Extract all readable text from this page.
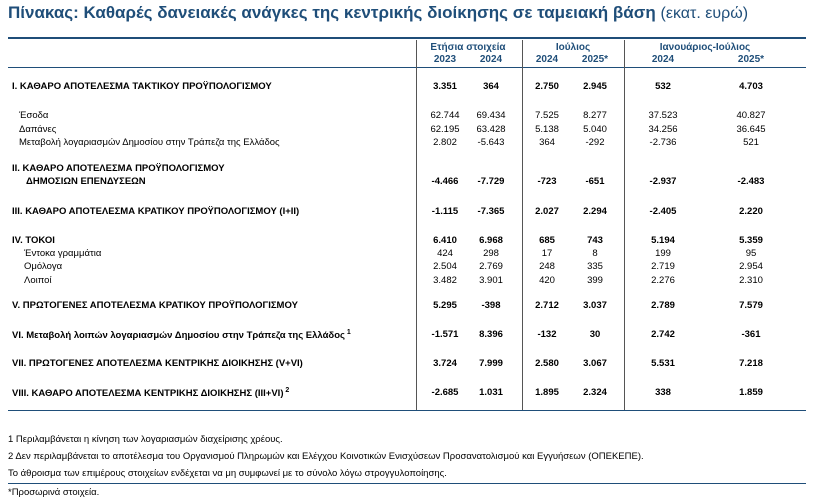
Πίνακας: Καθαρές δανειακές ανάγκες της κεντρικής διοίκησης σε ταμειακή βάση (εκατ. ευρώ)
Ετήσια στοιχεία	Ιούλιος	Ιανουάριος-Ιούλιος
2023	2024	2024	2025*	2024	2025*
I. ΚΑΘΑΡΟ ΑΠΟΤΕΛΕΣΜΑ ΤΑΚΤΙΚΟΥ ΠΡΟΫΠΟΛΟΓΙΣΜΟΥ	3.351	364	2.750	2.945	532	4.703
Έσοδα	62.744	69.434	7.525	8.277	37.523	40.827
Δαπάνες	62.195	63.428	5.138	5.040	34.256	36.645
Μεταβολή λογαριασμών Δημοσίου στην Τράπεζα της Ελλάδος	2.802	-5.643	364	-292	-2.736	521
II. ΚΑΘΑΡΟ ΑΠΟΤΕΛΕΣΜΑ ΠΡΟΫΠΟΛΟΓΙΣΜΟΥ
ΔΗΜΟΣΙΩΝ ΕΠΕΝΔΥΣΕΩΝ	-4.466	-7.729	-723	-651	-2.937	-2.483
III. ΚΑΘΑΡΟ ΑΠΟΤΕΛΕΣΜΑ ΚΡΑΤΙΚΟΥ ΠΡΟΫΠΟΛΟΓΙΣΜΟΥ (I+II)	-1.115	-7.365	2.027	2.294	-2.405	2.220
IV. ΤΟΚΟΙ	6.410	6.968	685	743	5.194	5.359
Έντοκα γραμμάτια	424	298	17	8	199	95
Ομόλογα	2.504	2.769	248	335	2.719	2.954
Λοιποί	3.482	3.901	420	399	2.276	2.310
V. ΠΡΩΤΟΓΕΝΕΣ ΑΠΟΤΕΛΕΣΜΑ ΚΡΑΤΙΚΟΥ ΠΡΟΫΠΟΛΟΓΙΣΜΟΥ	5.295	-398	2.712	3.037	2.789	7.579
VI. Μεταβολή λοιπών λογαριασμών Δημοσίου στην Τράπεζα της Ελλάδος $^1$	-1.571	8.396	-132	30	2.742	-361
VII. ΠΡΩΤΟΓΕΝΕΣ ΑΠΟΤΕΛΕΣΜΑ ΚΕΝΤΡΙΚΗΣ ΔΙΟΙΚΗΣΗΣ (V+VI)	3.724	7.999	2.580	3.067	5.531	7.218
VIII. ΚΑΘΑΡΟ ΑΠΟΤΕΛΕΣΜΑ ΚΕΝΤΡΙΚΗΣ ΔΙΟΙΚΗΣΗΣ (III+VI) $^2$	-2.685	1.031	1.895	2.324	338	1.859
1 Περιλαμβάνεται η κίνηση των λογαριασμών διαχείρισης χρέους.
2 Δεν περιλαμβάνεται το αποτέλεσμα του Οργανισμού Πληρωμών και Ελέγχου Κοινοτικών Ενισχύσεων Προσανατολισμού και Εγγυήσεων (ΟΠΕΚΕΠΕ).
Το άθροισμα των επιμέρους στοιχείων ενδέχεται να μη συμφωνεί με το σύνολο λόγω στρογγυλοποίησης.
*Προσωρινά στοιχεία.
